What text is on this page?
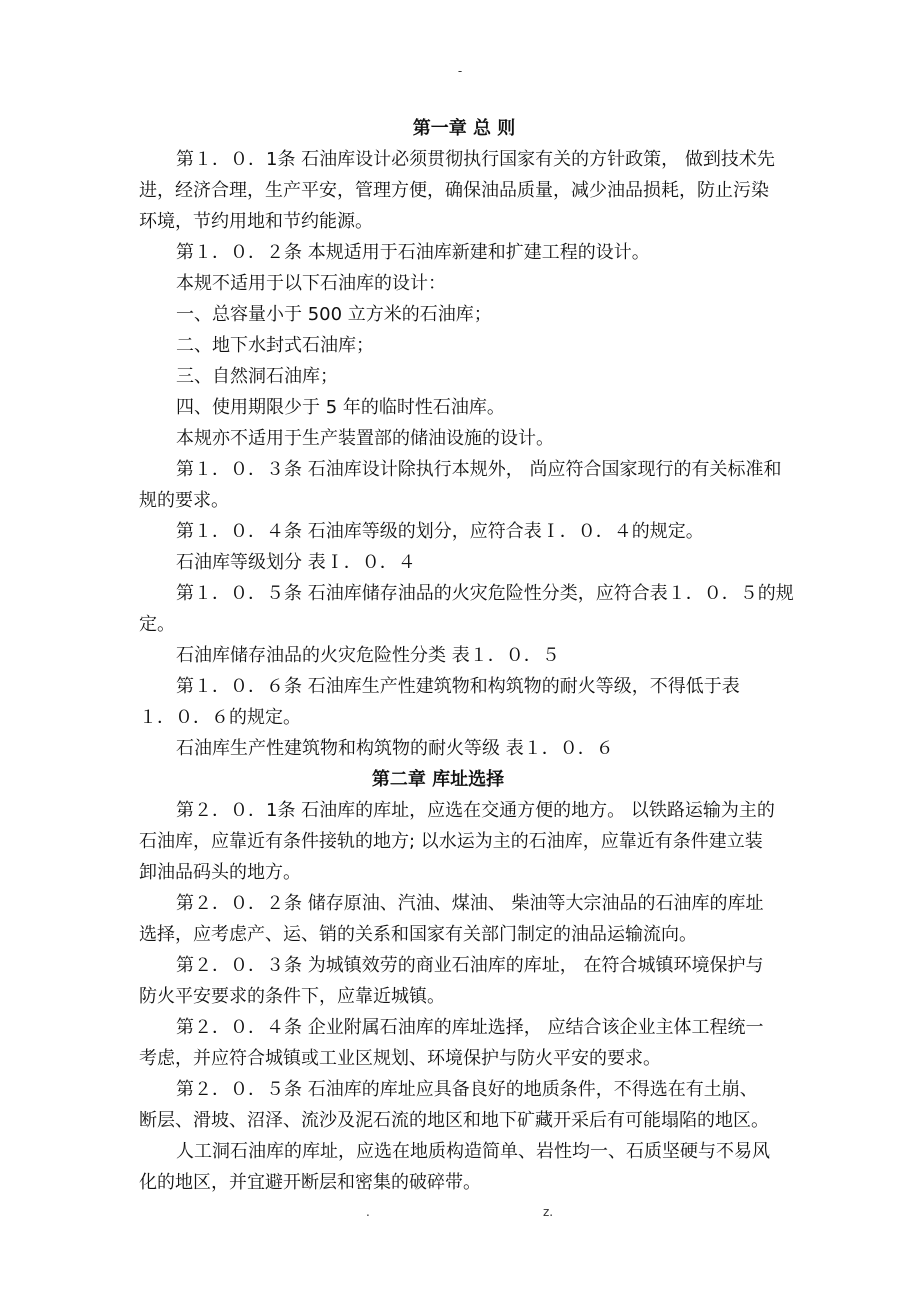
-
第一章 总 则
第１．０．1条 石油库设计必须贯彻执行国家有关的方针政策， 做到技术先
进，经济合理，生产平安，管理方便，确保油品质量，减少油品损耗，防止污染
环境，节约用地和节约能源。
第１．０．２条 本规适用于石油库新建和扩建工程的设计。
本规不适用于以下石油库的设计：
一、总容量小于 500 立方米的石油库；
二、地下水封式石油库；
三、自然洞石油库；
四、使用期限少于 5 年的临时性石油库。
本规亦不适用于生产装置部的储油设施的设计。
第１．０．３条 石油库设计除执行本规外， 尚应符合国家现行的有关标准和
规的要求。
第１．０．４条 石油库等级的划分，应符合表Ｉ．０．４的规定。
石油库等级划分 表Ｉ．０．４
第１．０．５条 石油库储存油品的火灾危险性分类，应符合表１．０．５的规
定。
石油库储存油品的火灾危险性分类 表１．０．５
第１．０．６条 石油库生产性建筑物和构筑物的耐火等级，不得低于表
１．０．６的规定。
石油库生产性建筑物和构筑物的耐火等级 表１．０．６
第二章 库址选择
第２．０．1条 石油库的库址，应选在交通方便的地方。 以铁路运输为主的
石油库，应靠近有条件接轨的地方; 以水运为主的石油库，应靠近有条件建立装
卸油品码头的地方。
第２．０．２条 储存原油、汽油、煤油、 柴油等大宗油品的石油库的库址
选择，应考虑产、运、销的关系和国家有关部门制定的油品运输流向。
第２．０．３条 为城镇效劳的商业石油库的库址， 在符合城镇环境保护与
防火平安要求的条件下，应靠近城镇。
第２．０．４条 企业附属石油库的库址选择， 应结合该企业主体工程统一
考虑，并应符合城镇或工业区规划、环境保护与防火平安的要求。
第２．０．５条 石油库的库址应具备良好的地质条件，不得选在有土崩、
断层、滑坡、沼泽、流沙及泥石流的地区和地下矿藏开采后有可能塌陷的地区。
人工洞石油库的库址，应选在地质构造简单、岩性均一、石质坚硬与不易风
化的地区，并宜避开断层和密集的破碎带。
.	z.
